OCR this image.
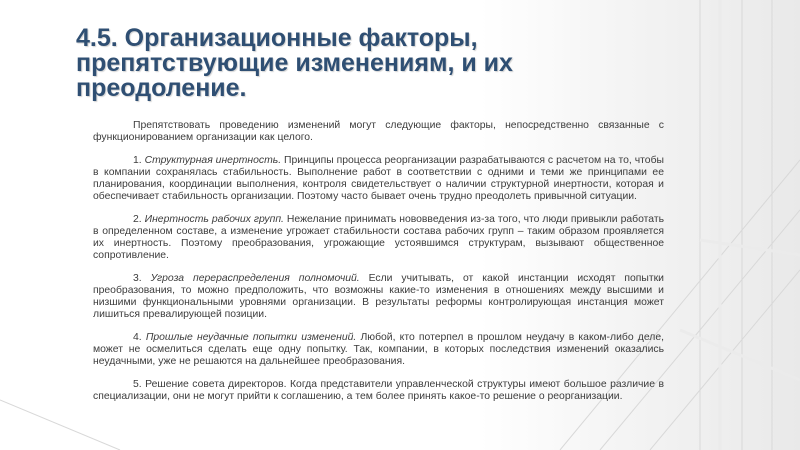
4.5. Организационные факторы, препятствующие изменениям, и их преодоление.

Препятствовать проведению изменений могут следующие факторы, непосредственно связанные с функционированием организации как целого.

1. Структурная инертность. Принципы процесса реорганизации разрабатываются с расчетом на то, чтобы в компании сохранялась стабильность. Выполнение работ в соответствии с одними и теми же принципами ее планирования, координации выполнения, контроля свидетельствует о наличии структурной инертности, которая и обеспечивает стабильность организации. Поэтому часто бывает очень трудно преодолеть привычной ситуации.

2. Инертность рабочих групп. Нежелание принимать нововведения из-за того, что люди привыкли работать в определенном составе, а изменение угрожает стабильности состава рабочих групп – таким образом проявляется их инертность. Поэтому преобразования, угрожающие устоявшимся структурам, вызывают общественное сопротивление.

3. Угроза перераспределения полномочий. Если учитывать, от какой инстанции исходят попытки преобразования, то можно предположить, что возможны какие-то изменения в отношениях между высшими и низшими функциональными уровнями организации. В результаты реформы контролирующая инстанция может лишиться превалирующей позиции.

4. Прошлые неудачные попытки изменений. Любой, кто потерпел в прошлом неудачу в каком-либо деле, может не осмелиться сделать еще одну попытку. Так, компании, в которых последствия изменений оказались неудачными, уже не решаются на дальнейшее преобразования.

5. Решение совета директоров. Когда представители управленческой структуры имеют большое различие в специализации, они не могут прийти к соглашению, а тем более принять какое-то решение о реорганизации.
